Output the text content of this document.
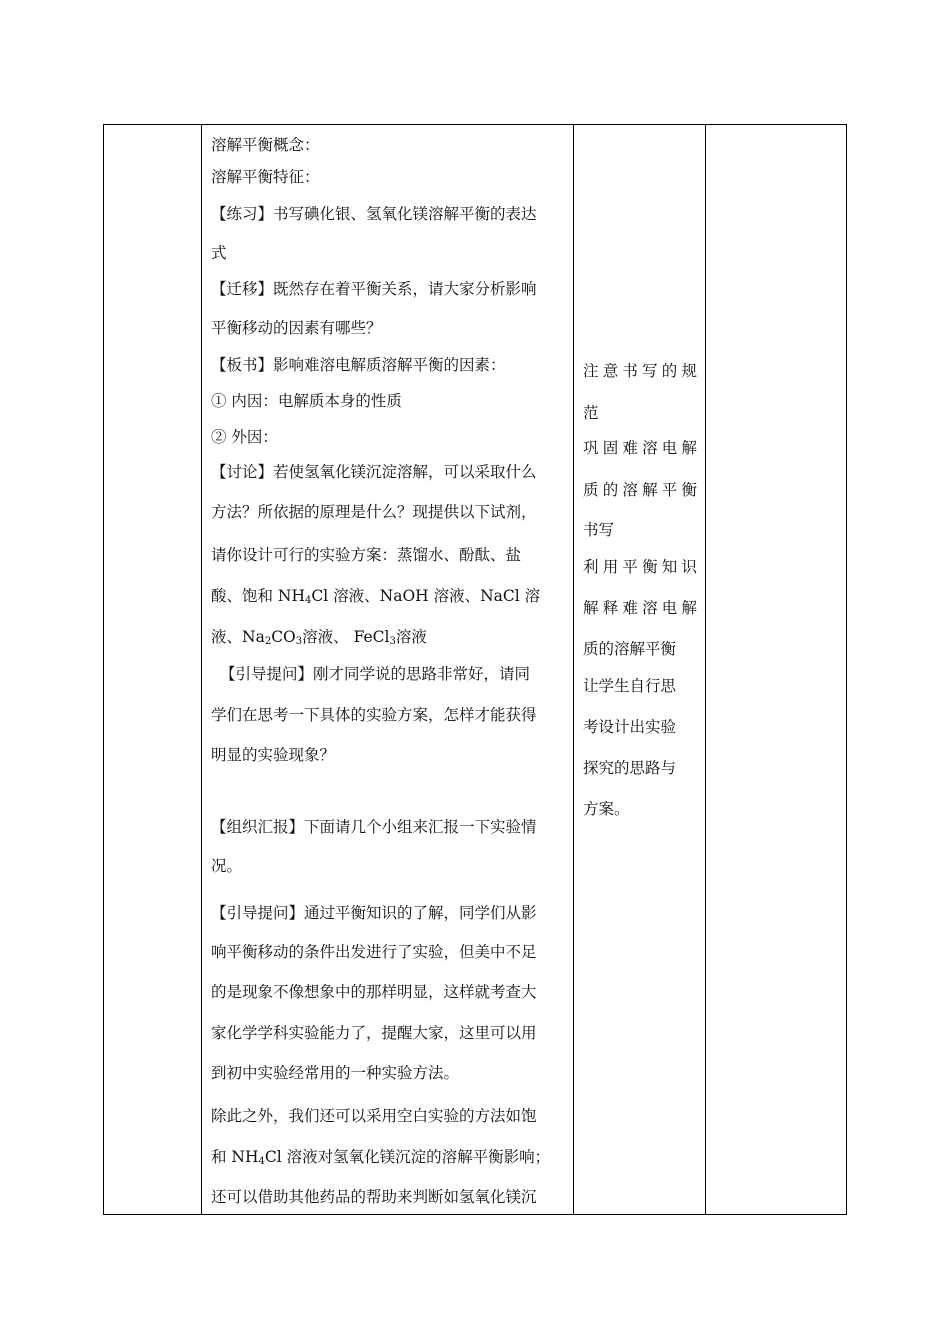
溶解平衡概念：
溶解平衡特征：
【练习】书写碘化银、氢氧化镁溶解平衡的表达
式
【迁移】既然存在着平衡关系，请大家分析影响
平衡移动的因素有哪些？
【板书】影响难溶电解质溶解平衡的因素：
① 内因：电解质本身的性质
② 外因：
【讨论】若使氢氧化镁沉淀溶解，可以采取什么
方法？所依据的原理是什么？现提供以下试剂，
请你设计可行的实验方案：蒸馏水、酚酞、盐
酸、饱和 $NH_4Cl$ 溶液、NaOH 溶液、NaCl 溶
液、$Na_2CO_3$溶液、 FeCl$_3$溶液
【引导提问】刚才同学说的思路非常好，请同
学们在思考一下具体的实验方案，怎样才能获得
明显的实验现象？
【组织汇报】下面请几个小组来汇报一下实验情
况。
【引导提问】通过平衡知识的了解，同学们从影
响平衡移动的条件出发进行了实验，但美中不足
的是现象不像想象中的那样明显，这样就考查大
家化学学科实验能力了，提醒大家，这里可以用
到初中实验经常用的一种实验方法。
除此之外，我们还可以采用空白实验的方法如饱
和 $NH_4Cl$ 溶液对氢氧化镁沉淀的溶解平衡影响；
还可以借助其他药品的帮助来判断如氢氧化镁沉
注意书写的规
范
巩固难溶电解
质的溶解平衡
书写
利用平衡知识
解释难溶电解
质的溶解平衡
让学生自行思
考设计出实验
探究的思路与
方案。
